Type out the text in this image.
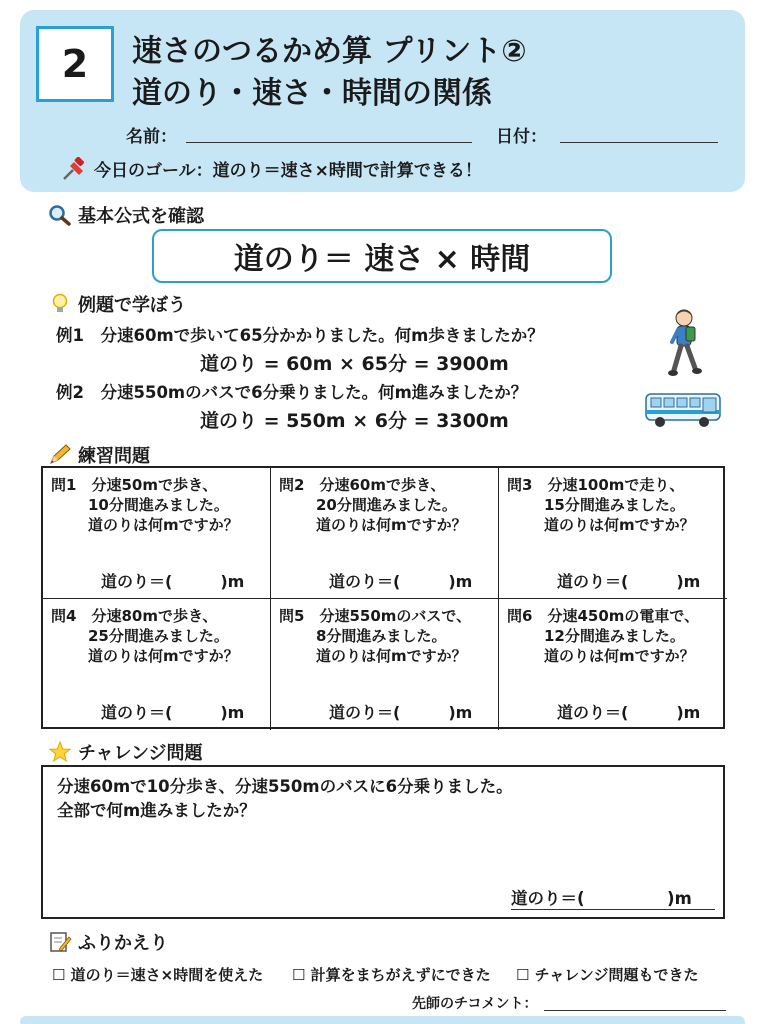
2	速さのつるかめ算 プリント②
道のり・速さ・時間の関係
名前：	日付：
今日のゴール：道のり＝速さ×時間で計算できる！
基本公式を確認
道のり＝ 速さ × 時間
例題で学ぼう
例1　分速60mで歩いて65分かかりました。何m歩きましたか？
道のり = 60m × 65分 = 3900m
例2　分速550mのバスで6分乗りました。何m進みましたか？
道のり = 550m × 6分 = 3300m
練習問題
問1　 分速50mで歩き、
10分間進みました。
道のりは何mですか？
道のり＝(　　　)m
問2　 分速60mで歩き、
20分間進みました。
道のりは何mですか？
道のり＝(　　　)m
問3　 分速100mで走り、
15分間進みました。
道のりは何mですか？
道のり＝(　　　)m
問4　 分速80mで歩き、
25分間進みました。
道のりは何mですか？
道のり＝(　　　)m
問5　 分速550mのバスで、
8分間進みました。
道のりは何mですか？
道のり＝(　　　)m
問6　 分速450mの電車で、
12分間進みました。
道のりは何mですか？
道のり＝(　　　)m
チャレンジ問題
分速60mで10分歩き、分速550mのバスに6分乗りました。
全部で何m進みましたか？
道のり＝(　　　　　)m
ふりかえり
☐ 道のり＝速さ×時間を使えた ☐ 計算をまちがえずにできた ☐ チャレンジ問題もできた
先師のチコメント：
